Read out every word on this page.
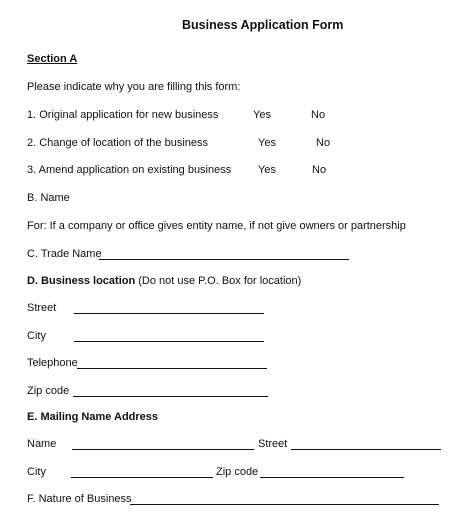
Business Application Form
Section A
Please indicate why you are filling this form:
1. Original application for new business	Yes	No
2. Change of location of the business	Yes	No
3. Amend application on existing business Yes	No
B. Name
For: If a company or office gives entity name, if not give owners or partnership
C. Trade Name
D. Business location (Do not use P.O. Box for location)
Street
City
Telephone
Zip code
E. Mailing Name Address
Name	Street
City	Zip code
F. Nature of Business
